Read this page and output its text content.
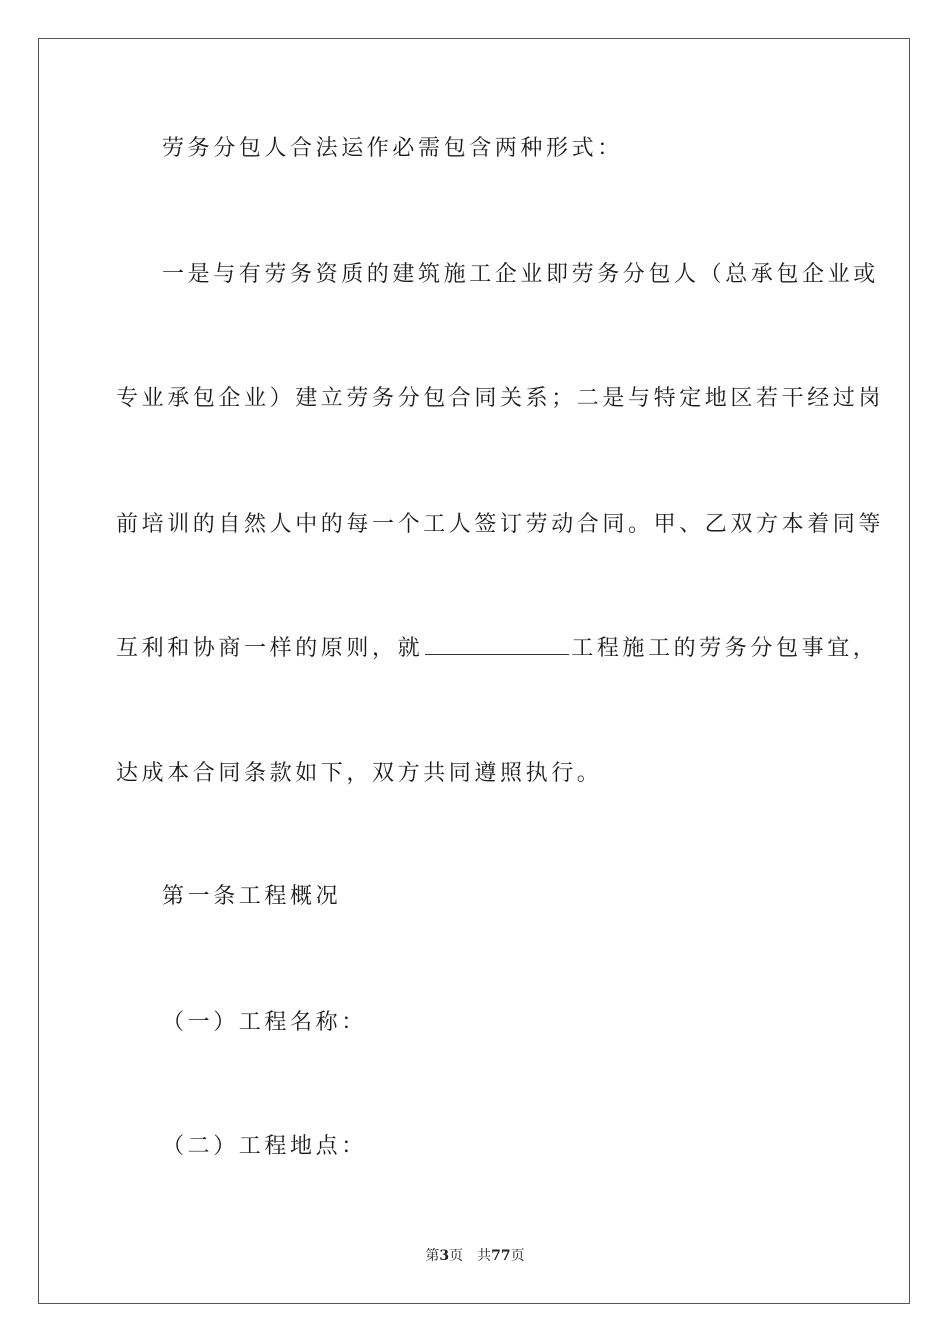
劳务分包人合法运作必需包含两种形式：
一是与有劳务资质的建筑施工企业即劳务分包人（总承包企业或
专业承包企业）建立劳务分包合同关系；二是与特定地区若干经过岗
前培训的自然人中的每一个工人签订劳动合同。甲、乙双方本着同等
互利和协商一样的原则，就	工程施工的劳务分包事宜，
达成本合同条款如下，双方共同遵照执行。
第一条工程概况
（一）工程名称：
（二）工程地点：
第3页 共77页
